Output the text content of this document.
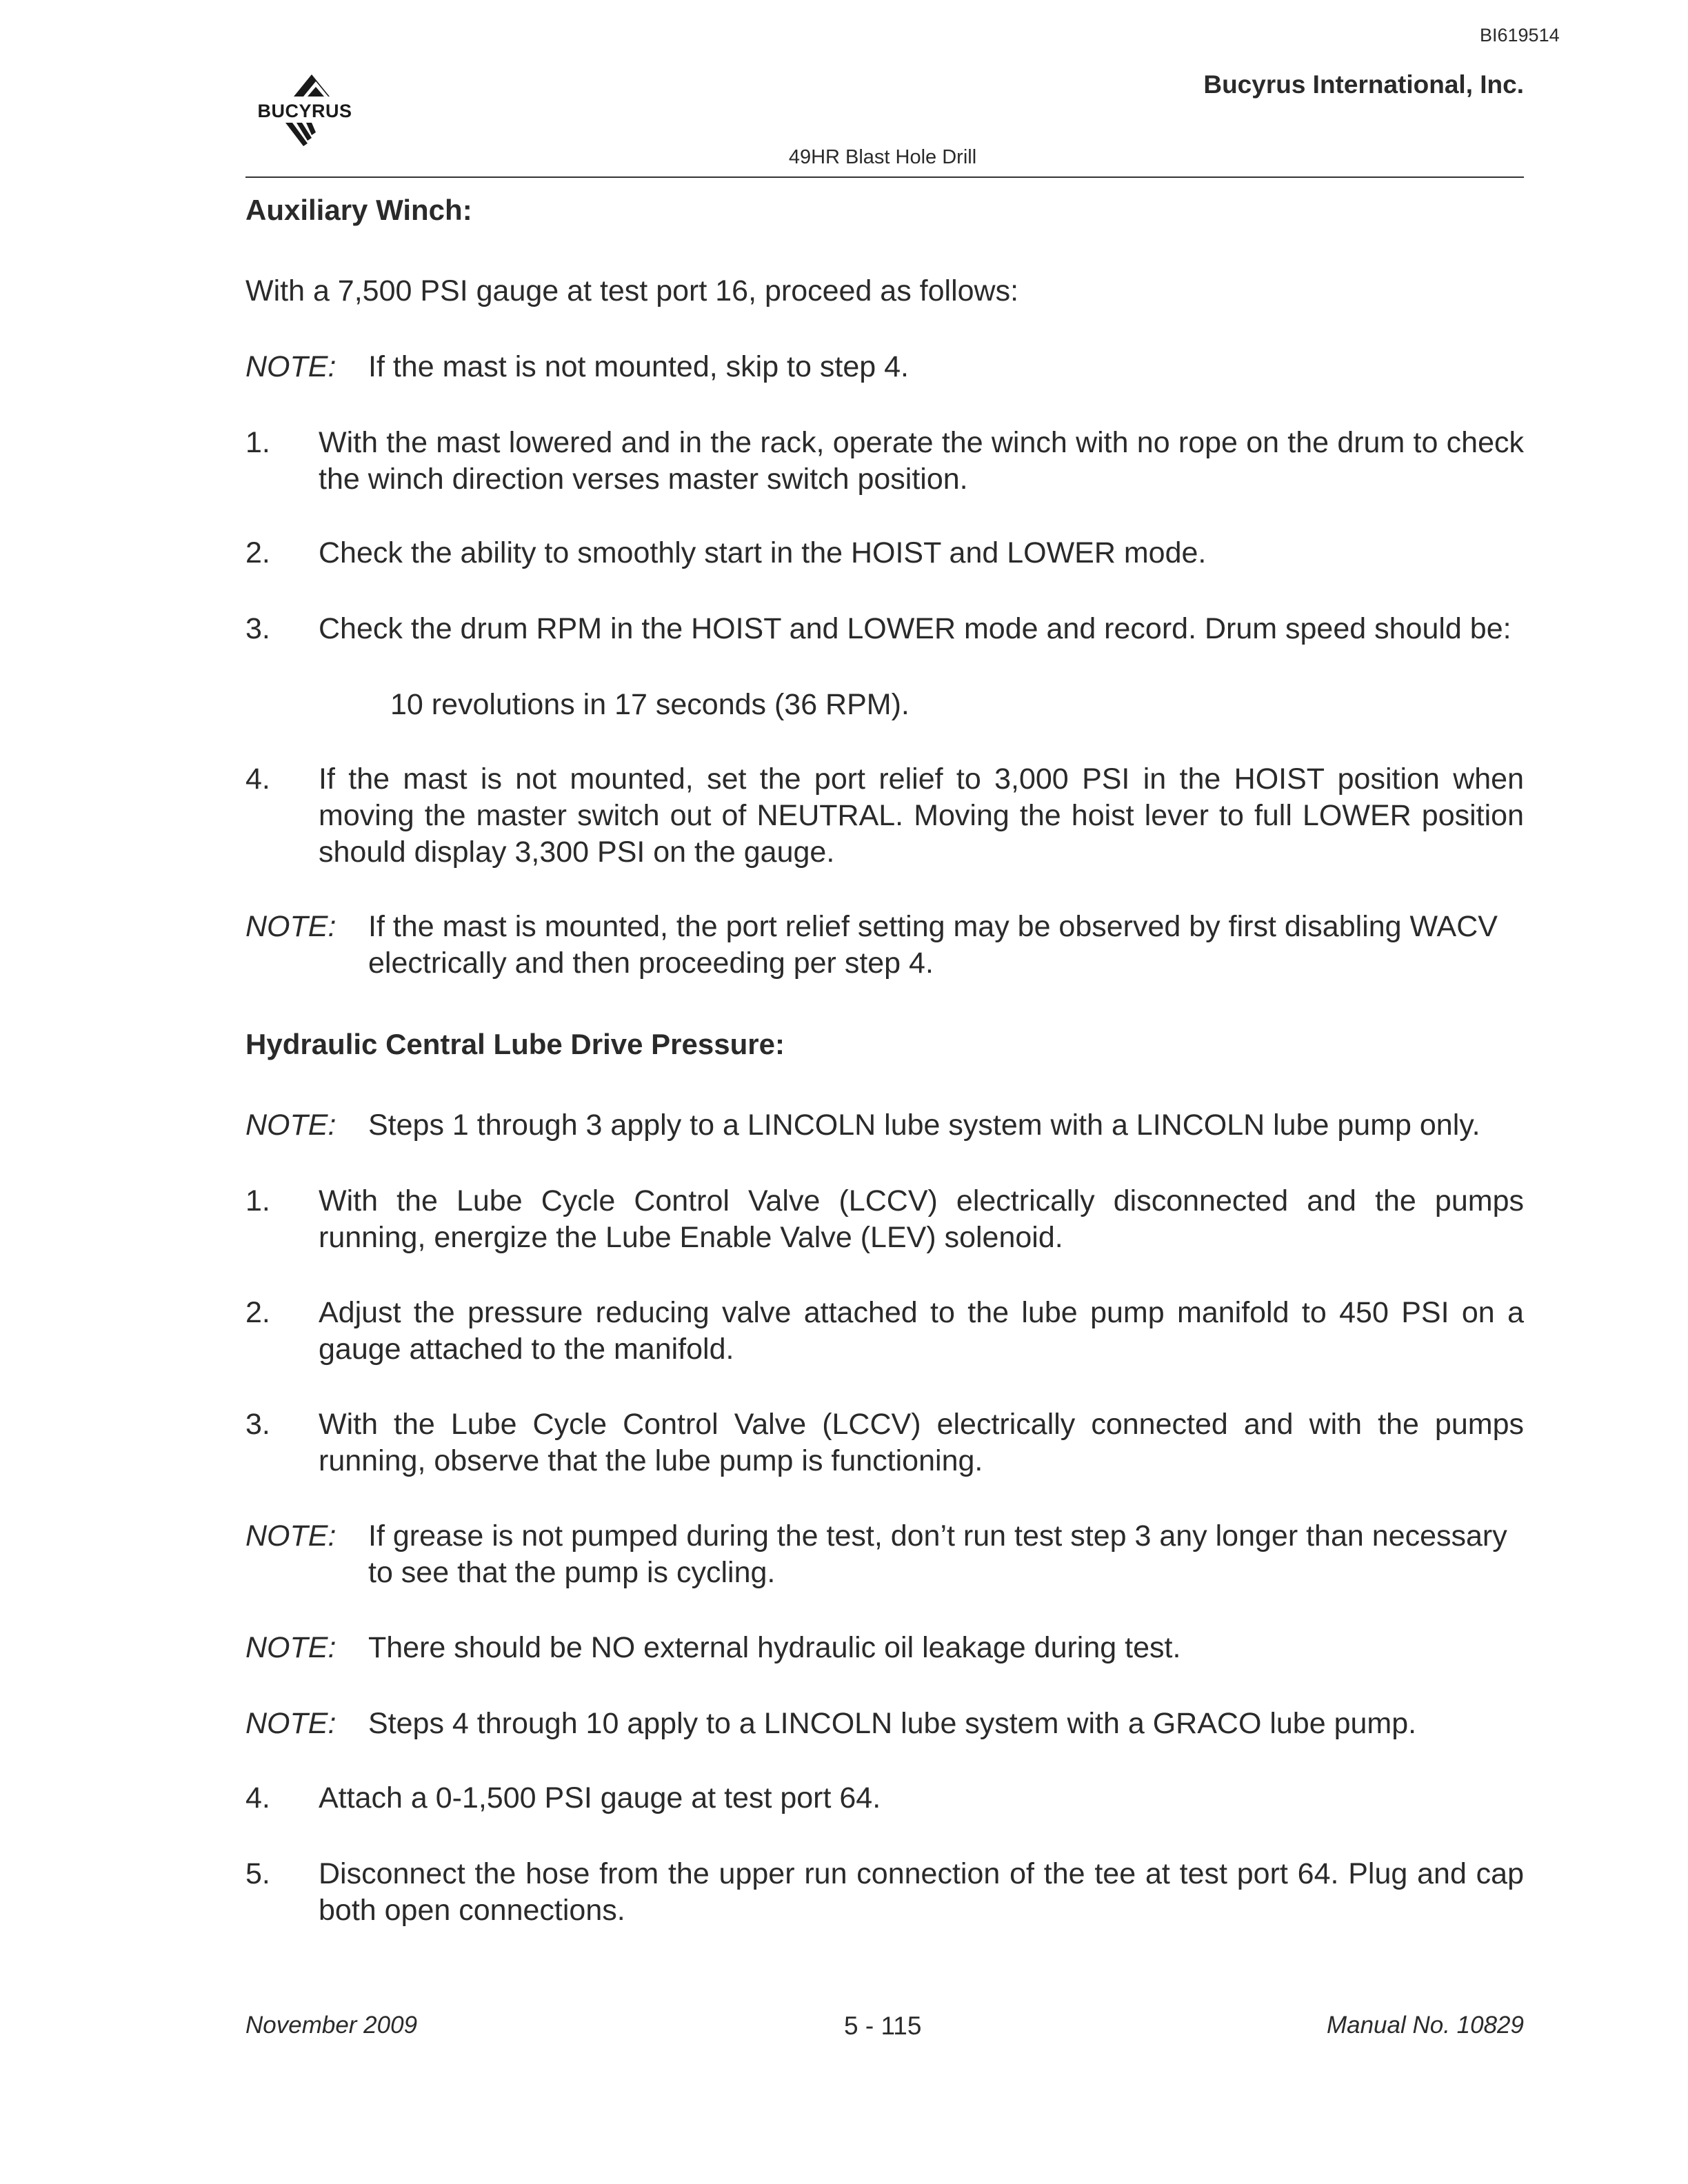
BI619514
BUCYRUS
Bucyrus International, Inc.
49HR Blast Hole Drill
Auxiliary Winch:
With a 7,500 PSI gauge at test port 16, proceed as follows:
NOTE: If the mast is not mounted, skip to step 4.
1.	With the mast lowered and in the rack, operate the winch with no rope on the drum to check the winch direction verses master switch position.
2.	Check the ability to smoothly start in the HOIST and LOWER mode.
3.	Check the drum RPM in the HOIST and LOWER mode and record. Drum speed should be:
10 revolutions in 17 seconds (36 RPM).
4.	If the mast is not mounted, set the port relief to 3,000 PSI in the HOIST position when moving the master switch out of NEUTRAL. Moving the hoist lever to full LOWER position should display 3,300 PSI on the gauge.
NOTE: If the mast is mounted, the port relief setting may be observed by first disabling WACV electrically and then proceeding per step 4.
Hydraulic Central Lube Drive Pressure:
NOTE: Steps 1 through 3 apply to a LINCOLN lube system with a LINCOLN lube pump only.
1.	With the Lube Cycle Control Valve (LCCV) electrically disconnected and the pumps running, energize the Lube Enable Valve (LEV) solenoid.
2.	Adjust the pressure reducing valve attached to the lube pump manifold to 450 PSI on a gauge attached to the manifold.
3.	With the Lube Cycle Control Valve (LCCV) electrically connected and with the pumps running, observe that the lube pump is functioning.
NOTE: If grease is not pumped during the test, don’t run test step 3 any longer than necessary to see that the pump is cycling.
NOTE: There should be NO external hydraulic oil leakage during test.
NOTE: Steps 4 through 10 apply to a LINCOLN lube system with a GRACO lube pump.
4.	Attach a 0-1,500 PSI gauge at test port 64.
5.	Disconnect the hose from the upper run connection of the tee at test port 64. Plug and cap both open connections.
November 2009	5 - 115	Manual No. 10829
